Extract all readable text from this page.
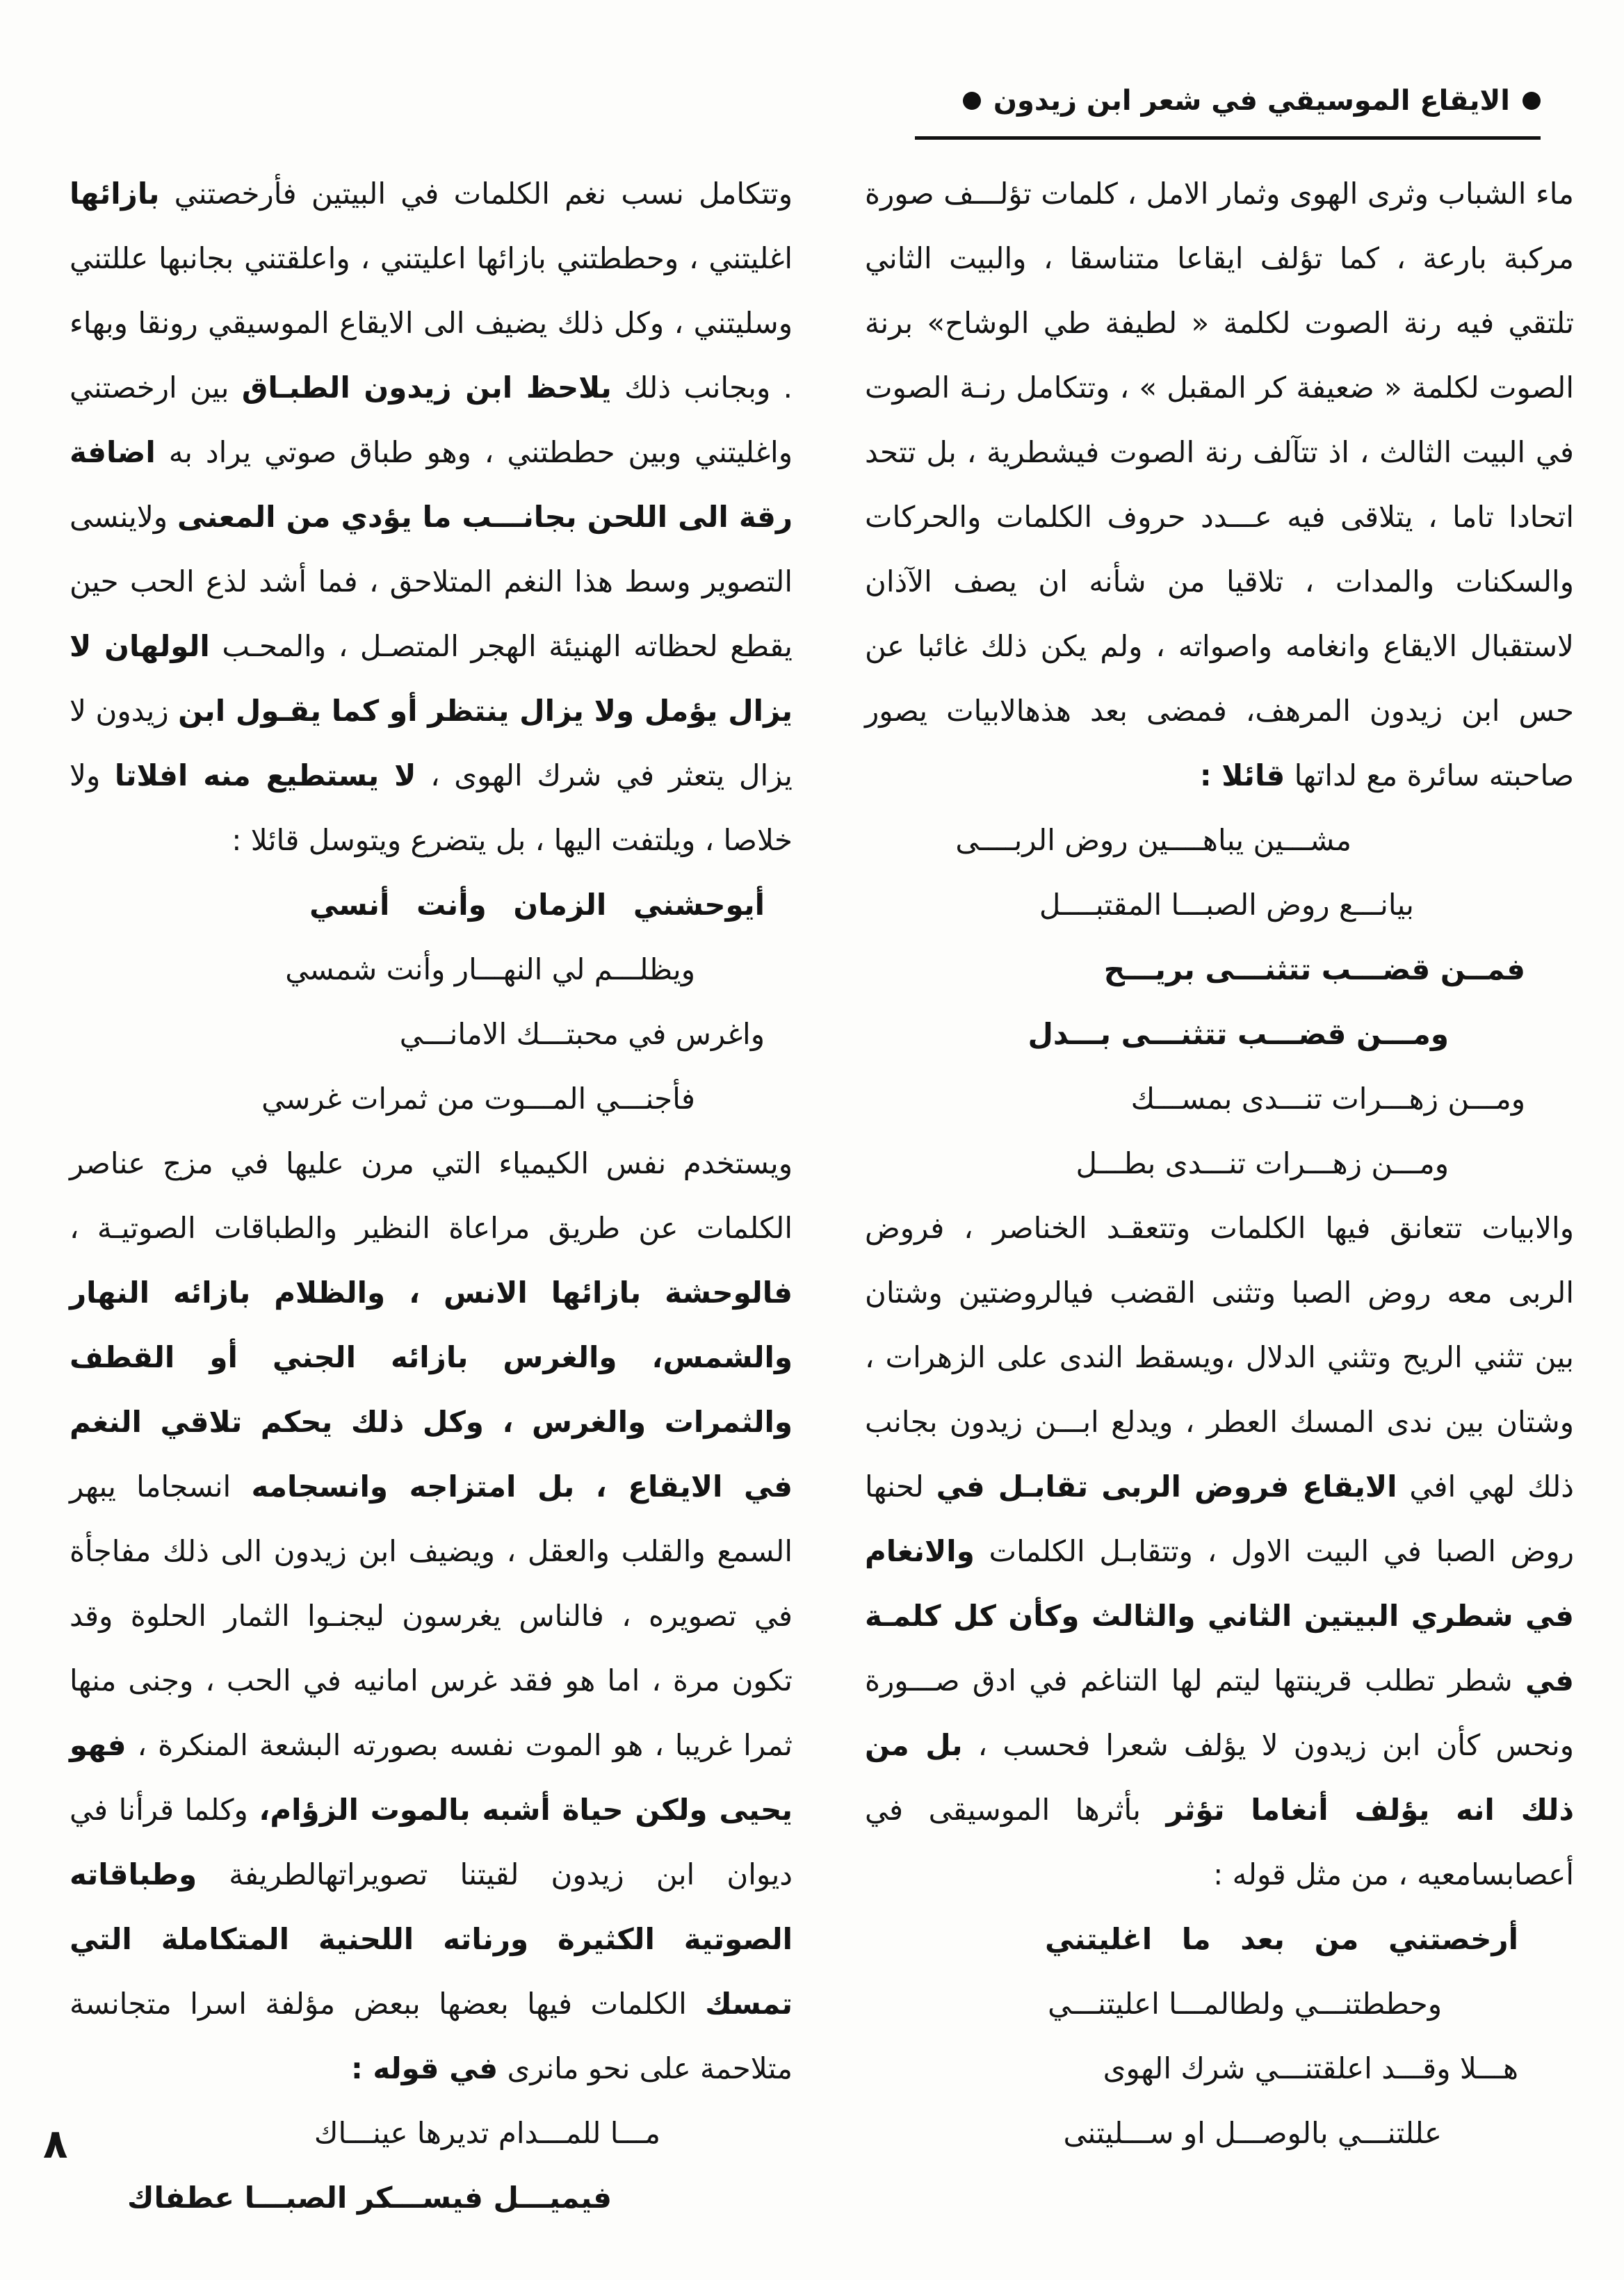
الايقاع الموسيقي في شعر ابن زيدون

ماء الشباب وثرى الهوى وثمار الامل ، كلمات تؤلـــف صورة مركبة بارعة ، كما تؤلف ايقاعا متناسقا ، والبيت الثاني تلتقي فيه رنة الصوت لكلمة « لطيفة طي الوشاح» برنة الصوت لكلمة « ضعيفة كر المقبل » ، وتتكامل رنـة الصوت في البيت الثالث ، اذ تتآلف رنة الصوت فيشطرية ، بل تتحد اتحادا تاما ، يتلاقى فيه عـــدد حروف الكلمات والحركات والسكنات والمدات ، تلاقيا من شأنه ان يصف الآذان لاستقبال الايقاع وانغامه واصواته ، ولم يكن ذلك غائبا عن حس ابن زيدون المرهف، فمضى بعد هذهالابيات يصور صاحبته سائرة مع لداتها قائلا :

مشـــين يباهــــين روض الربــــى

بيانـــع روض الصبـــا المقتبــــل

فمــن قضـــب تتثنـــى بريـــح

ومـــن قضـــب تتثنـــى بـــدل

ومـــن زهـــرات تنـــدى بمســـك

ومـــن زهـــرات تنـــدى بطـــل

والابيات تتعانق فيها الكلمات وتتعقـد الخناصر ، فروض الربى معه روض الصبا وتثنى القضب فيالروضتين وشتان بين تثني الريح وتثني الدلال ،ويسقط الندى على الزهرات ، وشتان بين ندى المسك العطر ، ويدلع ابـــن زيدون بجانب ذلك لهي افي الايقاع فروض الربى تقابـل في لحنها روض الصبا في البيت الاول ، وتتقابـل الكلمات والانغام في شطري البيتين الثاني والثالث وكأن كل كلمـة في شطر تطلب قرينتها ليتم لها التناغم في ادق صـــورة ونحس كأن ابن زيدون لا يؤلف شعرا فحسب ، بل من ذلك انه يؤلف أنغاما تؤثر بأثرها الموسيقى في أعصابسامعيه ، من مثل قوله :

أرخصتني من بعد ما اغليتني

وحططتنـــي ولطالمـــا اعليتنـــي

هـــلا وقـــد اعلقتنـــي شرك الهوى

عللتنـــي بالوصـــل او ســـليتنى

وتتكامل نسب نغم الكلمات في البيتين فأرخصتني بازائها اغليتني ، وحططتني بازائها اعليتني ، واعلقتني بجانبها عللتني وسليتني ، وكل ذلك يضيف الى الايقاع الموسيقي رونقا وبهاء . وبجانب ذلك يلاحظ ابن زيدون الطبـاق بين ارخصتني واغليتني وبين حططتني ، وهو طباق صوتي يراد به اضافة رقة الى اللحن بجانـــب ما يؤدي من المعنى ولاينسى التصوير وسط هذا النغم المتلاحق ، فما أشد لذع الحب حين يقطع لحظاته الهنيئة الهجر المتصـل ، والمحـب الولهان لا يزال يؤمل ولا يزال ينتظر أو كما يقـول ابن زيدون لا يزال يتعثر في شرك الهوى ، لا يستطيع منه افلاتا ولا خلاصا ، ويلتفت اليها ، بل يتضرع ويتوسل قائلا :

أيوحشني الزمان وأنت أنسي

ويظلـــم لي النهـــار وأنت شمسي

واغرس في محبتـــك الامانـــي

فأجنـــي المـــوت من ثمرات غرسي

ويستخدم نفس الكيمياء التي مرن عليها في مزج عناصر الكلمات عن طريق مراعاة النظير والطباقات الصوتيـة ، فالوحشة بازائها الانس ، والظلام بازائه النهار والشمس، والغرس بازائه الجني أو القطف والثمرات والغرس ، وكل ذلك يحكم تلاقي النغم في الايقاع ، بل امتزاجه وانسجامه انسجاما يبهر السمع والقلب والعقل ، ويضيف ابن زيدون الى ذلك مفاجأة في تصويره ، فالناس يغرسون ليجنـوا الثمار الحلوة وقد تكون مرة ، اما هو فقد غرس امانيه في الحب ، وجنى منها ثمرا غريبا ، هو الموت نفسه بصورته البشعة المنكرة ، فهو يحيى ولكن حياة أشبه بالموت الزؤام، وكلما قرأنا في ديوان ابن زيدون لقيتنا تصويراتهالطريفة وطباقاته الصوتية الكثيرة ورناته اللحنية المتكاملة التي تمسك الكلمات فيها بعضها ببعض مؤلفة اسرا متجانسة متلاحمة على نحو مانرى في قوله :

مـــا للمـــدام تديرها عينـــاك

فيميـــل فيســـكر الصبـــا عطفاك

٨
